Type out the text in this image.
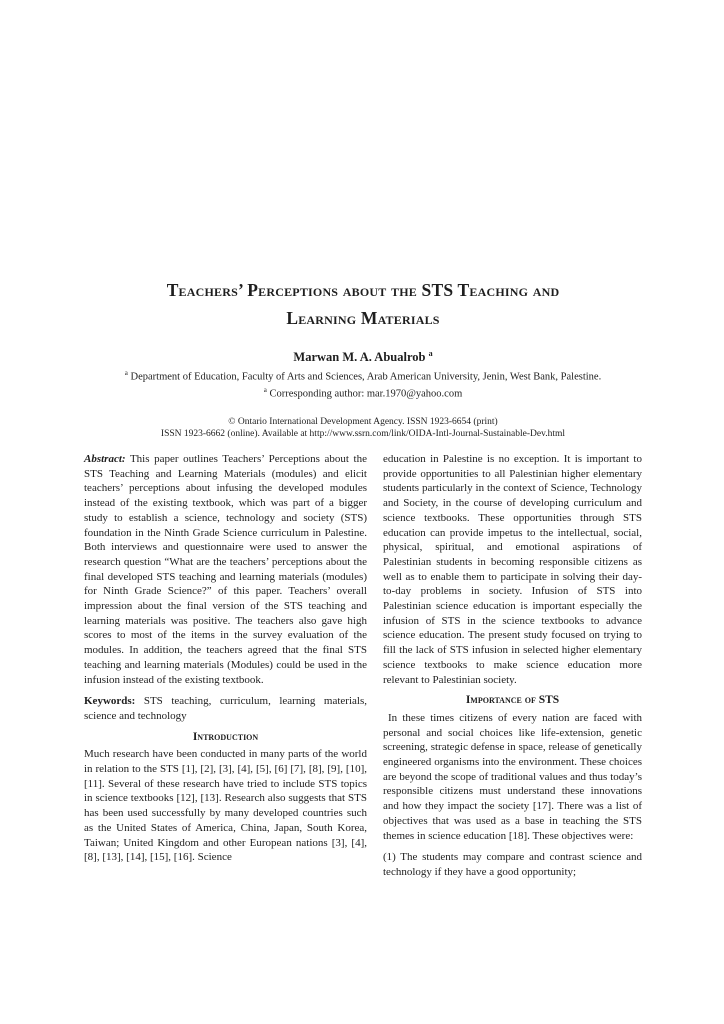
Teachers’ Perceptions about the STS Teaching and
Learning Materials
Marwan M. A. Abualrob $^a$
$^a$ Department of Education, Faculty of Arts and Sciences, Arab American University, Jenin, West Bank, Palestine.
$^a$ Corresponding author: mar.1970@yahoo.com
© Ontario International Development Agency. ISSN 1923-6654 (print)
ISSN 1923-6662 (online). Available at http://www.ssrn.com/link/OIDA-Intl-Journal-Sustainable-Dev.html

Abstract: This paper outlines Teachers’ Perceptions about the STS Teaching and Learning Materials (modules) and elicit teachers’ perceptions about infusing the developed modules instead of the existing textbook, which was part of a bigger study to establish a science, technology and society (STS) foundation in the Ninth Grade Science curriculum in Palestine. Both interviews and questionnaire were used to answer the research question “What are the teachers’ perceptions about the final developed STS teaching and learning materials (modules) for Ninth Grade Science?” of this paper. Teachers’ overall impression about the final version of the STS teaching and learning materials was positive. The teachers also gave high scores to most of the items in the survey evaluation of the modules. In addition, the teachers agreed that the final STS teaching and learning materials (Modules) could be used in the infusion instead of the existing textbook.

Keywords: STS teaching, curriculum, learning materials, science and technology

Introduction

Much research have been conducted in many parts of the world in relation to the STS [1], [2], [3], [4], [5], [6] [7], [8], [9], [10], [11]. Several of these research have tried to include STS topics in science textbooks [12], [13]. Research also suggests that STS has been used successfully by many developed countries such as the United States of America, China, Japan, South Korea, Taiwan; United Kingdom and other European nations [3], [4], [8], [13], [14], [15], [16]. Science

education in Palestine is no exception. It is important to provide opportunities to all Palestinian higher elementary students particularly in the context of Science, Technology and Society, in the course of developing curriculum and science textbooks. These opportunities through STS education can provide impetus to the intellectual, social, physical, spiritual, and emotional aspirations of Palestinian students in becoming responsible citizens as well as to enable them to participate in solving their day-to-day problems in society. Infusion of STS into Palestinian science education is important especially the infusion of STS in the science textbooks to advance science education. The present study focused on trying to fill the lack of STS infusion in selected higher elementary science textbooks to make science education more relevant to Palestinian society.

Importance of STS

In these times citizens of every nation are faced with personal and social choices like life-extension, genetic screening, strategic defense in space, release of genetically engineered organisms into the environment. These choices are beyond the scope of traditional values and thus today’s responsible citizens must understand these innovations and how they impact the society [17]. There was a list of objectives that was used as a base in teaching the STS themes in science education [18]. These objectives were:

(1) The students may compare and contrast science and technology if they have a good opportunity;
